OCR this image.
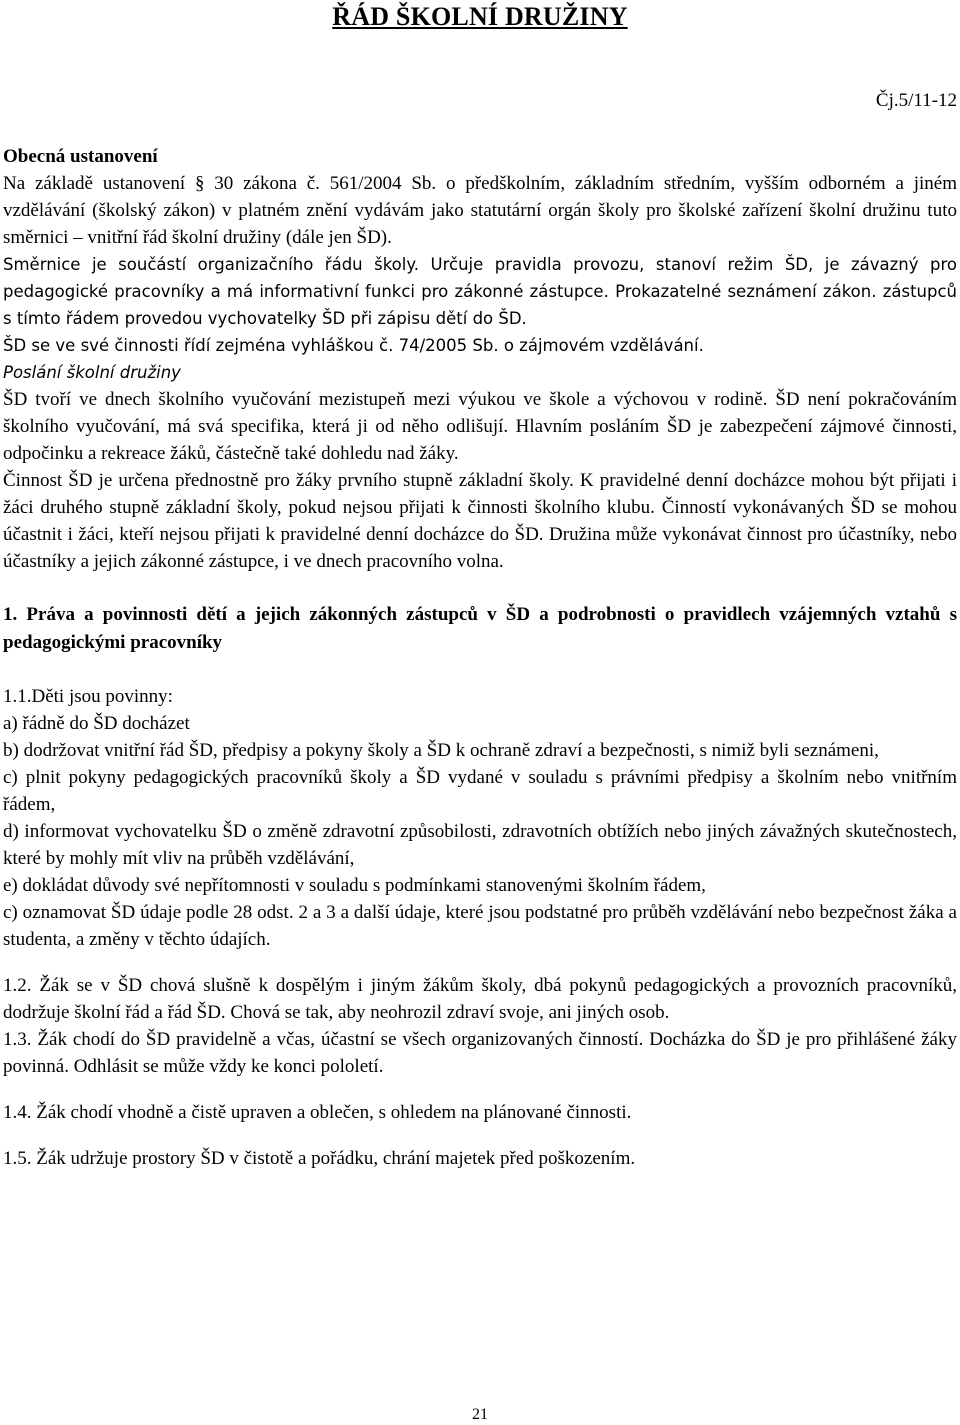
ŘÁD ŠKOLNÍ DRUŽINY
Čj.5/11-12

Obecná ustanovení

Na základě ustanovení § 30 zákona č. 561/2004 Sb. o předškolním, základním středním, vyšším odborném a jiném vzdělávání (školský zákon) v platném znění vydávám jako statutární orgán školy pro školské zařízení školní družinu tuto směrnici – vnitřní řád školní družiny (dále jen ŠD).

Směrnice je součástí organizačního řádu školy. Určuje pravidla provozu, stanoví režim ŠD, je závazný pro pedagogické pracovníky a má informativní funkci pro zákonné zástupce. Prokazatelné seznámení zákon. zástupců s tímto řádem provedou vychovatelky ŠD při zápisu dětí do ŠD.

ŠD se ve své činnosti řídí zejména vyhláškou č. 74/2005 Sb. o zájmovém vzdělávání.

Poslání školní družiny

ŠD tvoří ve dnech školního vyučování mezistupeň mezi výukou ve škole a výchovou v rodině. ŠD není pokračováním školního vyučování, má svá specifika, která ji od něho odlišují. Hlavním posláním ŠD je zabezpečení zájmové činnosti, odpočinku a rekreace žáků, částečně také dohledu nad žáky.

Činnost ŠD je určena přednostně pro žáky prvního stupně základní školy. K pravidelné denní docházce mohou být přijati i žáci druhého stupně základní školy, pokud nejsou přijati k činnosti školního klubu. Činností vykonávaných ŠD se mohou účastnit i žáci, kteří nejsou přijati k pravidelné denní docházce do ŠD. Družina může vykonávat činnost pro účastníky, nebo účastníky a jejich zákonné zástupce, i ve dnech pracovního volna.

1. Práva a povinnosti dětí a jejich zákonných zástupců v ŠD a podrobnosti o pravidlech vzájemných vztahů s pedagogickými pracovníky

1.1.Děti jsou povinny:

a) řádně do ŠD docházet

b) dodržovat vnitřní řád ŠD, předpisy a pokyny školy a ŠD k ochraně zdraví a bezpečnosti, s nimiž byli seznámeni,

c) plnit pokyny pedagogických pracovníků školy a ŠD vydané v souladu s právními předpisy a školním nebo vnitřním řádem,

d) informovat vychovatelku ŠD o změně zdravotní způsobilosti, zdravotních obtížích nebo jiných závažných skutečnostech, které by mohly mít vliv na průběh vzdělávání,

e) dokládat důvody své nepřítomnosti v souladu s podmínkami stanovenými školním řádem,

c) oznamovat ŠD údaje podle 28 odst. 2 a 3 a další údaje, které jsou podstatné pro průběh vzdělávání nebo bezpečnost žáka a studenta, a změny v těchto údajích.

1.2. Žák se v ŠD chová slušně k dospělým i jiným žákům školy, dbá pokynů pedagogických a provozních pracovníků, dodržuje školní řád a řád ŠD. Chová se tak, aby neohrozil zdraví svoje, ani jiných osob.

1.3. Žák chodí do ŠD pravidelně a včas, účastní se všech organizovaných činností. Docházka do ŠD je pro přihlášené žáky povinná. Odhlásit se může vždy ke konci pololetí.

1.4. Žák chodí vhodně a čistě upraven a oblečen, s ohledem na plánované činnosti.

1.5. Žák udržuje prostory ŠD v čistotě a pořádku, chrání majetek před poškozením.

21
